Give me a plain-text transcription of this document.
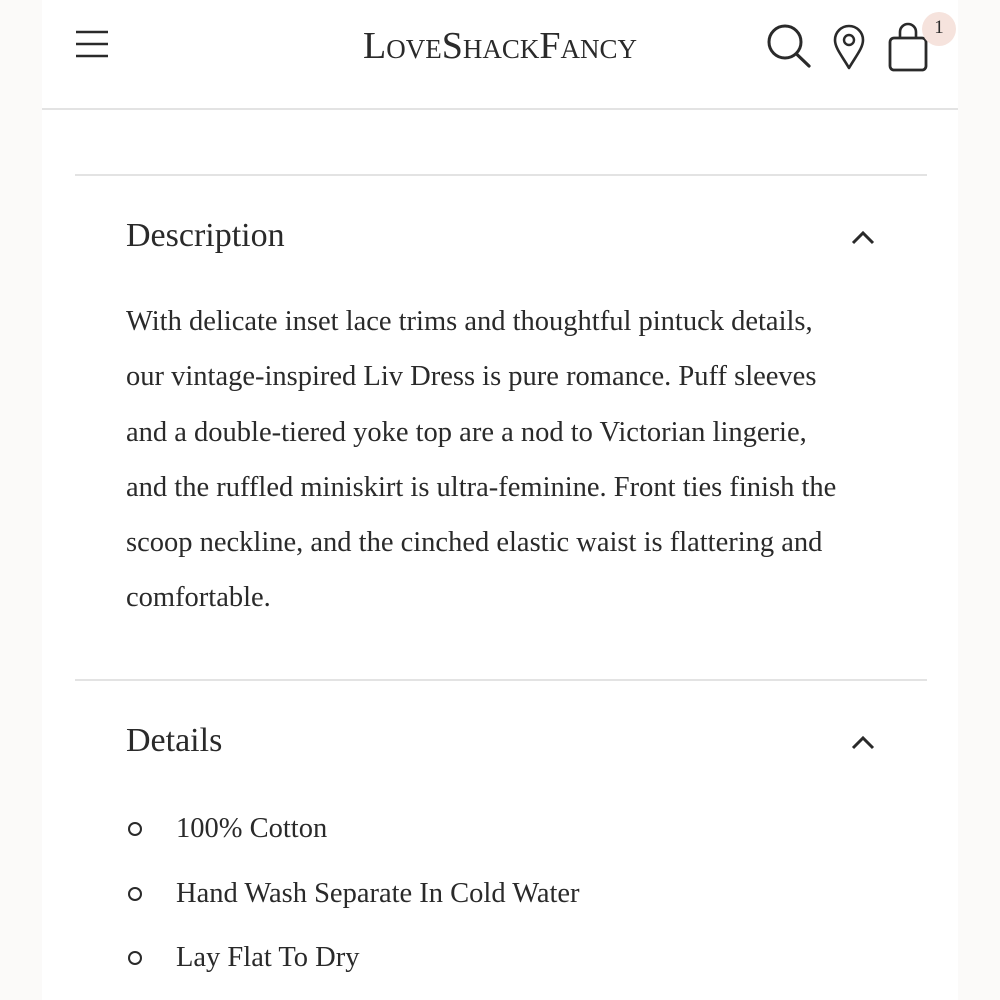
LoveShackFancy	1
Description
With delicate inset lace trims and thoughtful pintuck details, our vintage-inspired Liv Dress is pure romance. Puff sleeves and a double-tiered yoke top are a nod to Victorian lingerie, and the ruffled miniskirt is ultra-feminine. Front ties finish the scoop neckline, and the cinched elastic waist is flattering and comfortable.
Details
100% Cotton
Hand Wash Separate In Cold Water
Lay Flat To Dry
